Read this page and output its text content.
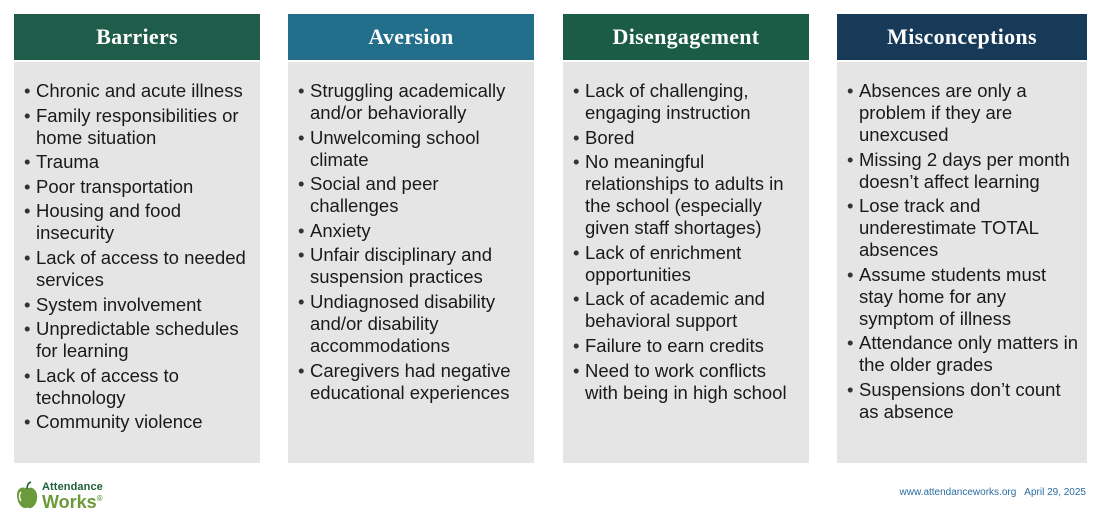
Barriers
• Chronic and acute illness
• Family responsibilities or home situation
• Trauma
• Poor transportation
• Housing and food insecurity
• Lack of access to needed services
• System involvement
• Unpredictable schedules for learning
• Lack of access to technology
• Community violence
Aversion
• Struggling academically and/or behaviorally
• Unwelcoming school climate
• Social and peer challenges
• Anxiety
• Unfair disciplinary and suspension practices
• Undiagnosed disability and/or disability accommodations
• Caregivers had negative educational experiences
Disengagement
• Lack of challenging, engaging instruction
• Bored
• No meaningful relationships to adults in the school (especially given staff shortages)
• Lack of enrichment opportunities
• Lack of academic and behavioral support
• Failure to earn credits
• Need to work conflicts with being in high school
Misconceptions
• Absences are only a problem if they are unexcused
• Missing 2 days per month doesn’t affect learning
• Lose track and underestimate TOTAL absences
• Assume students must stay home for any symptom of illness
• Attendance only matters in the older grades
• Suspensions don’t count as absence
Attendance
Works®
www.attendanceworks.org April 29, 2025
